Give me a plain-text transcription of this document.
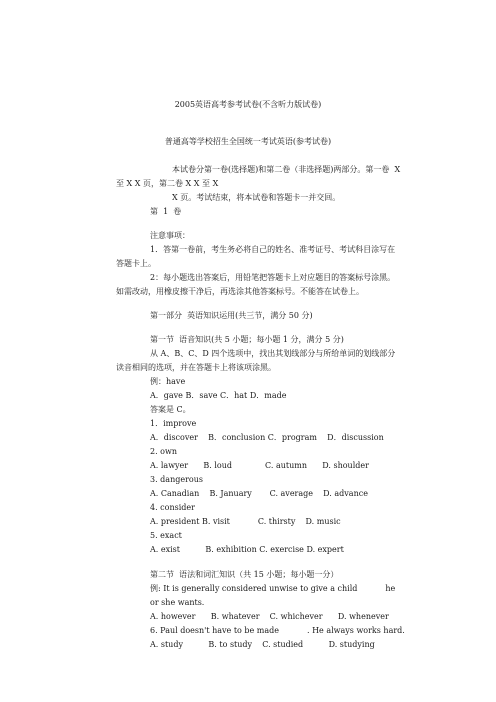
2005英语高考参考试卷(不含听力版试卷)
普通高等学校招生全国统一考试英语(参考试卷)
本试卷分第一卷(选择题)和第二卷（非选择题)两部分。第一卷  X
至 X X 页，第二卷 X X 至 X
X 页。考试结束，将本试卷和答题卡一并交回。
第  1  卷
注意事项：
1．答第一卷前，考生务必将自己的姓名、准考证号、考试科目涂写在
答题卡上。
2：每小题选出答案后，用铅笔把答题卡上对应题目的答案标号涂黑。
如需改动，用橡皮擦干净后，再选涂其他答案标号。不能答在试卷上。
第一部分  英语知识运用(共三节，满分 50 分)
第一节  语音知识(共 5 小题；每小题 1 分，满分 5 分)
从 A、B、C、D 四个选项中，找出其划线部分与所给单词的划线部分
读音相同的选项，并在答题卡上将该项涂黑。
例：have
A．gave B．save C．hat D．made
答案是 C。
1．improve
A．discover    B．conclusion C．program    D．discussion
2. own
A. lawyer      B. loud             C. autumn      D. shoulder
3. dangerous
A. Canadian    B. January       C. average    D. advance
4. consider
A. president B. visit           C. thirsty    D. music
5. exact
A. exist          B. exhibition C. exercise D. expert
第二节  语法和词汇知识（共 15 小题；每小题一分）
例: It is generally considered unwise to give a child           he
or she wants.
A. however      B. whatever    C. whichever      D. whenever
6. Paul doesn't have to be made           . He always works hard.
A. study          B. to study    C. studied          D. studying
